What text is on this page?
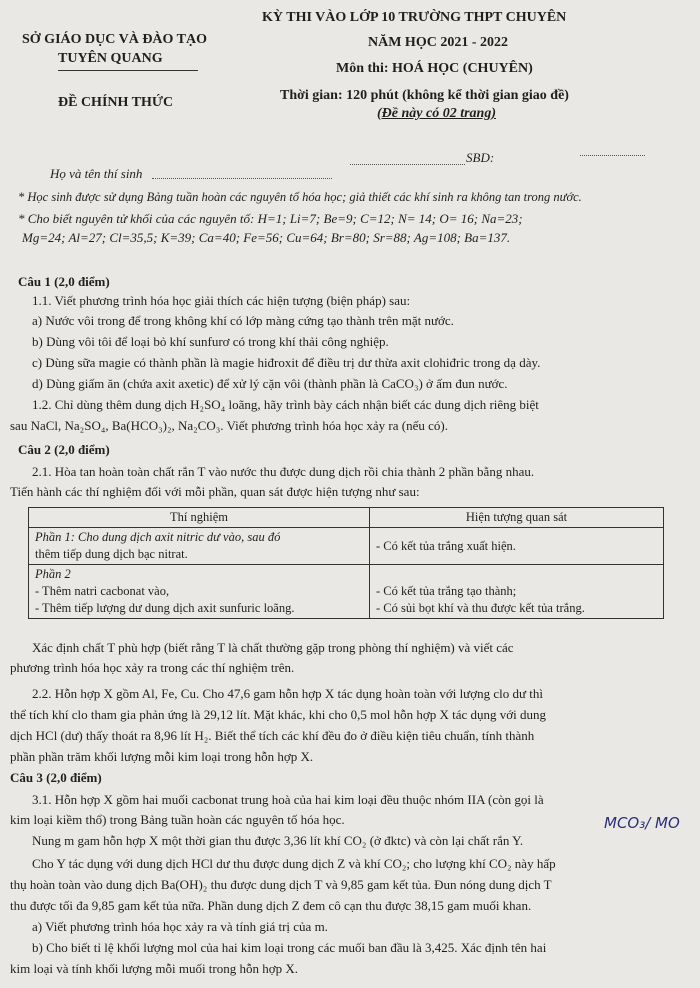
SỞ GIÁO DỤC VÀ ĐÀO TẠO
TUYÊN QUANG
ĐỀ CHÍNH THỨC
KỲ THI VÀO LỚP 10 TRƯỜNG THPT CHUYÊN
NĂM HỌC 2021 - 2022
Môn thi: HOÁ HỌC (CHUYÊN)
Thời gian: 120 phút (không kể thời gian giao đề)
(Đề này có 02 trang)
Họ và tên thí sinh
SBD:
* Học sinh được sử dụng Bảng tuần hoàn các nguyên tố hóa học; giả thiết các khí sinh ra không tan trong nước.
* Cho biết nguyên tử khối của các nguyên tố: H=1; Li=7; Be=9; C=12; N= 14; O= 16; Na=23;
Mg=24; Al=27; Cl=35,5; K=39; Ca=40; Fe=56; Cu=64; Br=80; Sr=88; Ag=108; Ba=137.
Câu 1 (2,0 điểm)
1.1. Viết phương trình hóa học giải thích các hiện tượng (biện pháp) sau:
a) Nước vôi trong để trong không khí có lớp màng cứng tạo thành trên mặt nước.
b) Dùng vôi tôi để loại bỏ khí sunfurơ có trong khí thải công nghiệp.
c) Dùng sữa magie có thành phần là magie hiđroxit để điều trị dư thừa axit clohiđric trong dạ dày.
d) Dùng giấm ăn (chứa axit axetic) để xử lý cặn vôi (thành phần là CaCO₃) ở ấm đun nước.
1.2. Chỉ dùng thêm dung dịch H₂SO₄ loãng, hãy trình bày cách nhận biết các dung dịch riêng biệt
sau NaCl, Na₂SO₄, Ba(HCO₃)₂, Na₂CO₃. Viết phương trình hóa học xảy ra (nếu có).
Câu 2 (2,0 điểm)
2.1. Hòa tan hoàn toàn chất rắn T vào nước thu được dung dịch rồi chia thành 2 phần bằng nhau.
Tiến hành các thí nghiệm đối với mỗi phần, quan sát được hiện tượng như sau:
Thí nghiệm	Hiện tượng quan sát
Phần 1: Cho dung dịch axit nitric dư vào, sau đó
thêm tiếp dung dịch bạc nitrat.	- Có kết tủa trắng xuất hiện.
Phần 2
- Thêm natri cacbonat vào,
- Thêm tiếp lượng dư dung dịch axit sunfuric loãng.	- Có kết tủa trắng tạo thành;
- Có sủi bọt khí và thu được kết tủa trắng.
Xác định chất T phù hợp (biết rằng T là chất thường gặp trong phòng thí nghiệm) và viết các
phương trình hóa học xảy ra trong các thí nghiệm trên.
2.2. Hỗn hợp X gồm Al, Fe, Cu. Cho 47,6 gam hỗn hợp X tác dụng hoàn toàn với lượng clo dư thì
thể tích khí clo tham gia phản ứng là 29,12 lít. Mặt khác, khi cho 0,5 mol hỗn hợp X tác dụng với dung
dịch HCl (dư) thấy thoát ra 8,96 lít H₂. Biết thể tích các khí đều đo ở điều kiện tiêu chuẩn, tính thành
phần phần trăm khối lượng mỗi kim loại trong hỗn hợp X.
Câu 3 (2,0 điểm)
3.1. Hỗn hợp X gồm hai muối cacbonat trung hoà của hai kim loại đều thuộc nhóm IIA (còn gọi là
kim loại kiềm thổ) trong Bảng tuần hoàn các nguyên tố hóa học.
Nung m gam hỗn hợp X một thời gian thu được 3,36 lít khí CO₂ (ở đktc) và còn lại chất rắn Y.
Cho Y tác dụng với dung dịch HCl dư thu được dung dịch Z và khí CO₂; cho lượng khí CO₂ này hấp
thụ hoàn toàn vào dung dịch Ba(OH)₂ thu được dung dịch T và 9,85 gam kết tủa. Đun nóng dung dịch T
thu được tối đa 9,85 gam kết tủa nữa. Phần dung dịch Z đem cô cạn thu được 38,15 gam muối khan.
a) Viết phương trình hóa học xảy ra và tính giá trị của m.
b) Cho biết tỉ lệ khối lượng mol của hai kim loại trong các muối ban đầu là 3,425. Xác định tên hai
kim loại và tính khối lượng mỗi muối trong hỗn hợp X.
MCO₃/ MO
